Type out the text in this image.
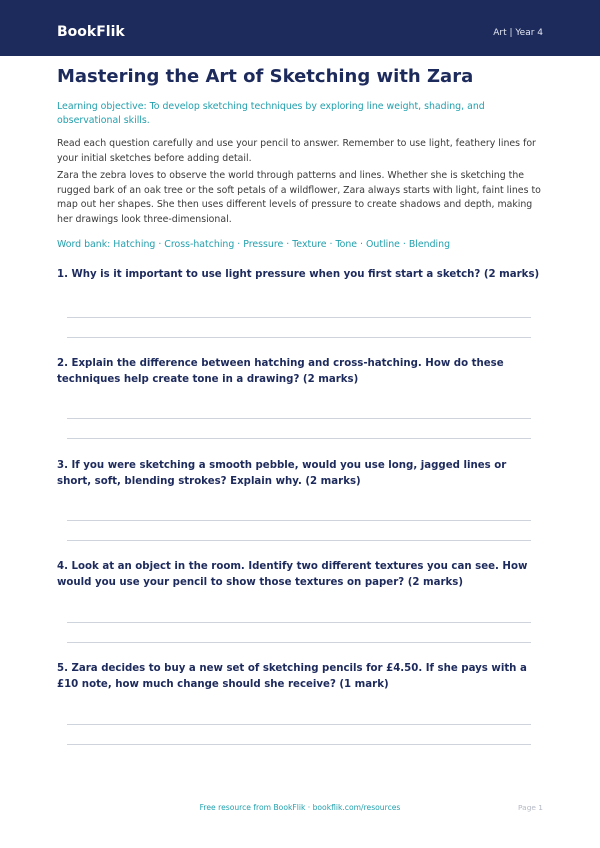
BookFlik	Art | Year 4
Mastering the Art of Sketching with Zara

Learning objective: To develop sketching techniques by exploring line weight, shading, and observational skills.

Read each question carefully and use your pencil to answer. Remember to use light, feathery lines for your initial sketches before adding detail.

Zara the zebra loves to observe the world through patterns and lines. Whether she is sketching the rugged bark of an oak tree or the soft petals of a wildflower, Zara always starts with light, faint lines to map out her shapes. She then uses different levels of pressure to create shadows and depth, making her drawings look three-dimensional.

Word bank: Hatching · Cross-hatching · Pressure · Texture · Tone · Outline · Blending

1. Why is it important to use light pressure when you first start a sketch? (2 marks)

2. Explain the difference between hatching and cross-hatching. How do these techniques help create tone in a drawing? (2 marks)

3. If you were sketching a smooth pebble, would you use long, jagged lines or short, soft, blending strokes? Explain why. (2 marks)

4. Look at an object in the room. Identify two different textures you can see. How would you use your pencil to show those textures on paper? (2 marks)

5. Zara decides to buy a new set of sketching pencils for £4.50. If she pays with a £10 note, how much change should she receive? (1 mark)

Free resource from BookFlik · bookflik.com/resources	Page 1
